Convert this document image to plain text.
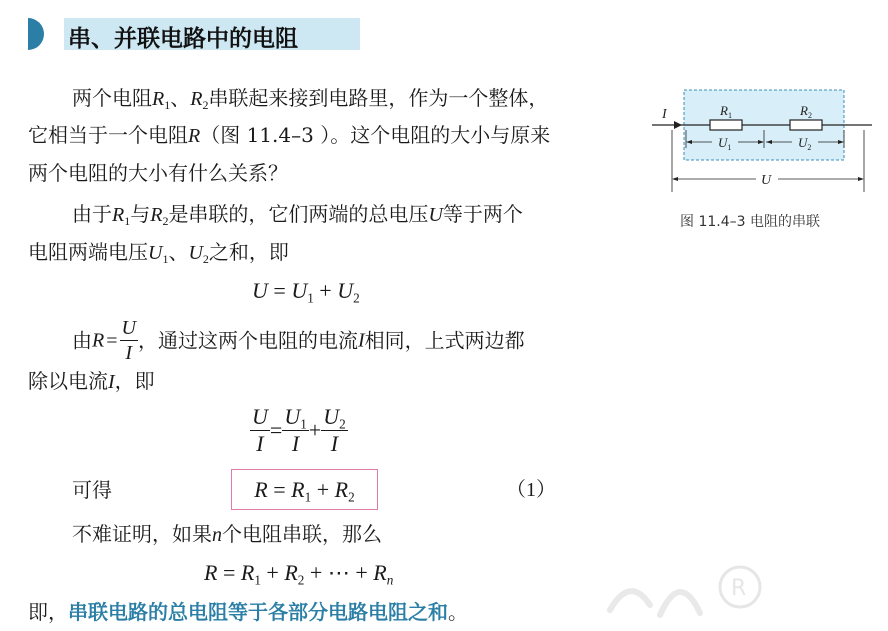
串、并联电路中的电阻
两个电阻$R_1$、$R_2$串联起来接到电路里，作为一个整体，
它相当于一个电阻R（图 11.4–3 ）。这个电阻的大小与原来
两个电阻的大小有什么关系？
由于$R_1$与$R_2$是串联的，它们两端的总电压U等于两个
电阻两端电压$U_1$、$U_2$之和，即
$U = U_1 + U_2$
由$R = \frac{U}{I}$ ，通过这两个电阻的电流I相同，上式两边都
除以电流I，即
$\frac{U}{I} = \frac{U_1}{I} + \frac{U_2}{I}$
可得	$R = R_1 + R_2$	（1）
不难证明，如果n个电阻串联，那么
$R = R_1 + R_2$ + ⋯ + $R_n$
即，串联电路的总电阻等于各部分电路电阻之和。
I	$R_1$	$R_2$
$U_1$	$U_2$
U
图 11.4–3 电阻的串联
R
